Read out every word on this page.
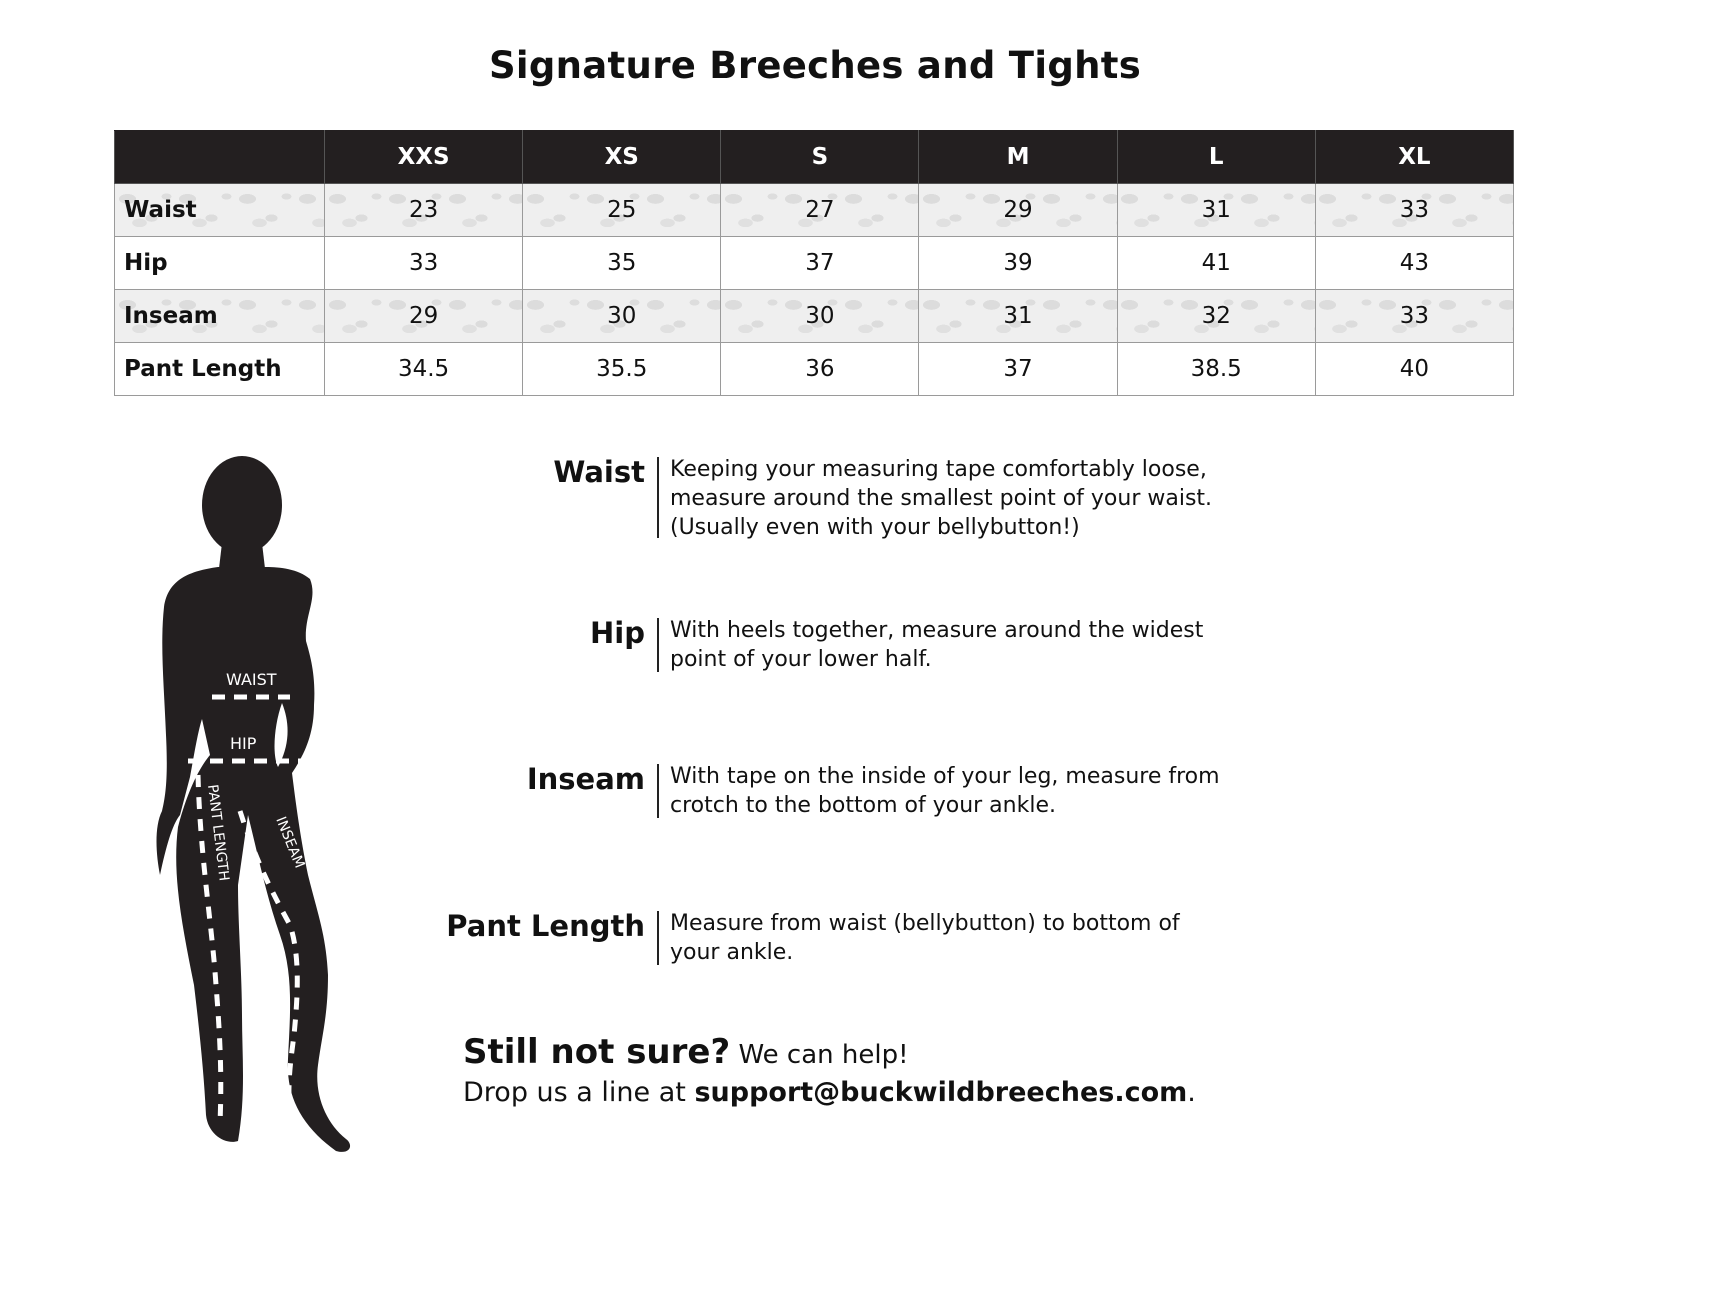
Signature Breeches and Tights
	XXS	XS	S	M	L	XL
Waist	23	25	27	29	31	33
Hip	33	35	37	39	41	43
Inseam	29	30	30	31	32	33
Pant Length	34.5	35.5	36	37	38.5	40
WAIST
HIP
PANT LENGTH	INSEAM
Waist Keeping your measuring tape comfortably loose,
measure around the smallest point of your waist.
(Usually even with your bellybutton!)
Hip With heels together, measure around the widest
point of your lower half.
Inseam With tape on the inside of your leg, measure from
crotch to the bottom of your ankle.
Pant Length Measure from waist (bellybutton) to bottom of
your ankle.
Still not sure? We can help!
Drop us a line at support@buckwildbreeches.com.
